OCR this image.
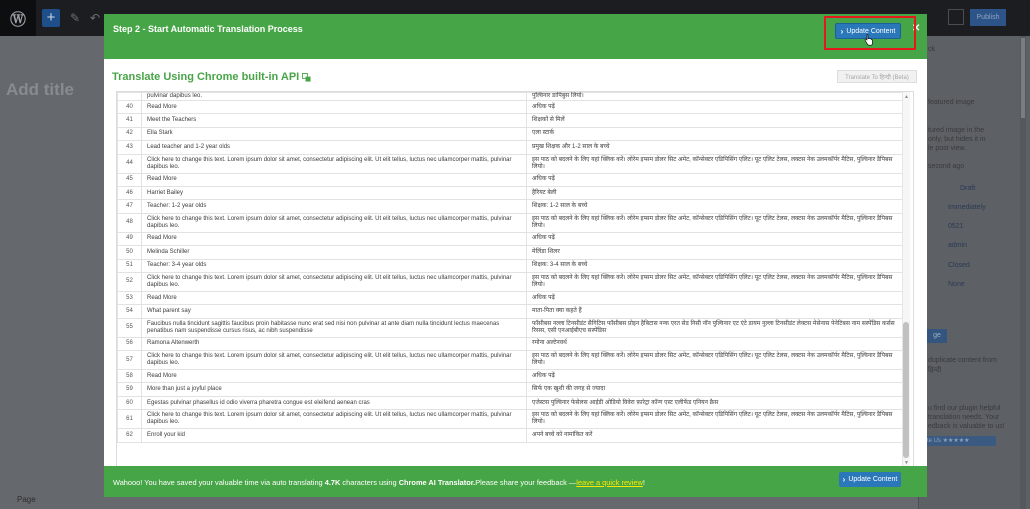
Ⓦ	+	✎ ↶	Publish
Add title
Page
ck
featured image
tured image in the
only, but hides it in
le post view.
second ago
Draft
Immediately
0521
admin
Closed
None
ge
duplicate content from
हिन्दी
u find our plugin helpful
translation needs. Your
edback is valuable to us!
te Us ★★★★★
Step 2 - Start Automatic Translation Process	› Update Content
Translate Using Chrome built-in API	Translate To हिन्दी (Beta)
	pulvinar dapibus leo.	पुल्विनार डापिबुस लियो।
40	Read More	अधिक पढ़ें
41	Meet the Teachers	शिक्षकों से मिलें
42	Ella Stark	एला स्टार्क
43	Lead teacher and 1-2 year olds	प्रमुख शिक्षक और 1-2 साल के बच्चे
44	Click here to change this text. Lorem ipsum dolor sit amet, consectetur adipiscing elit. Ut elit tellus, luctus nec ullamcorper mattis, pulvinar dapibus leo.	इस पाठ को बदलने के लिए यहां क्लिक करें। लोरेम इप्सम डोलर सिट अमेट, कॉन्सेक्टर एडिपिसिंग एलिट। यूट एलिट टेलस, लक्टस नेक उलमकॉर्पर मैटिस, पुल्विनार डैपिबस लियो।
45	Read More	अधिक पढ़ें
46	Harriet Bailey	हैरियट बेली
47	Teacher: 1-2 year olds	शिक्षक: 1-2 साल के बच्चे
48	Click here to change this text. Lorem ipsum dolor sit amet, consectetur adipiscing elit. Ut elit tellus, luctus nec ullamcorper mattis, pulvinar dapibus leo.	इस पाठ को बदलने के लिए यहां क्लिक करें। लोरेम इप्सम डोलर सिट अमेट, कॉन्सेक्टर एडिपिसिंग एलिट। यूट एलिट टेलस, लक्टस नेक उलमकॉर्पर मैटिस, पुल्विनार डैपिबस लियो।
49	Read More	अधिक पढ़ें
50	Melinda Schiller	मेलिंडा शिलर
51	Teacher: 3-4 year olds	शिक्षक: 3-4 साल के बच्चे
52	Click here to change this text. Lorem ipsum dolor sit amet, consectetur adipiscing elit. Ut elit tellus, luctus nec ullamcorper mattis, pulvinar dapibus leo.	इस पाठ को बदलने के लिए यहां क्लिक करें। लोरेम इप्सम डोलर सिट अमेट, कॉन्सेक्टर एडिपिसिंग एलिट। यूट एलिट टेलस, लक्टस नेक उलमकॉर्पर मैटिस, पुल्विनार डैपिबस लियो।
53	Read More	अधिक पढ़ें
54	What parent say	माता-पिता क्या कहते हैं
55	Faucibus nulla tincidunt sagittis faucibus proin habitasse nunc erat sed nisi non pulvinar at ante diam nulla tincidunt lectus maecenas penatibus nam suspendisse cursus risus, ac nibh suspendisse	फॉसीबस नल्ला टिनसीडंट सैगिटिस फॉसीबस प्रोइन हैबिटास नन्क एरत सेड निसी नॉन पुल्विनार एट एंटे डायम नुल्ला टिनसीडंट लेक्टस मेसेनास पेनेटिबस नाम सस्पेंडिस कर्सस रिसस, एसी एनआईबीएच सस्पेंडिस
56	Ramona Altenwerth	रमोना अल्टेनवर्थ
57	Click here to change this text. Lorem ipsum dolor sit amet, consectetur adipiscing elit. Ut elit tellus, luctus nec ullamcorper mattis, pulvinar dapibus leo.	इस पाठ को बदलने के लिए यहां क्लिक करें। लोरेम इप्सम डोलर सिट अमेट, कॉन्सेक्टर एडिपिसिंग एलिट। यूट एलिट टेलस, लक्टस नेक उलमकॉर्पर मैटिस, पुल्विनार डैपिबस लियो।
58	Read More	अधिक पढ़ें
59	More than just a joyful place	सिर्फ एक खुशी की जगह से ज्यादा
60	Egestas pulvinar phasellus id odio viverra pharetra congue est eleifend aenean cras	एजेस्टस पुल्विनार फेसेलस आईडी ओडियो विवेरा फ़ारेट्रा कॉन्ग एस्ट एलीफेंड एनियन क्रैस
61	Click here to change this text. Lorem ipsum dolor sit amet, consectetur adipiscing elit. Ut elit tellus, luctus nec ullamcorper mattis, pulvinar dapibus leo.	इस पाठ को बदलने के लिए यहां क्लिक करें। लोरेम इप्सम डोलर सिट अमेट, कॉन्सेक्टर एडिपिसिंग एलिट। यूट एलिट टेलस, लक्टस नेक उलमकॉर्पर मैटिस, पुल्विनार डैपिबस लियो।
62	Enroll your kid	अपने बच्चे को नामांकित करें
▲
▼
Wahooo! You have saved your valuable time via auto translating 4.7K characters using Chrome AI Translator.Please share your feedback —leave a quick review!	› Update Content
✕
